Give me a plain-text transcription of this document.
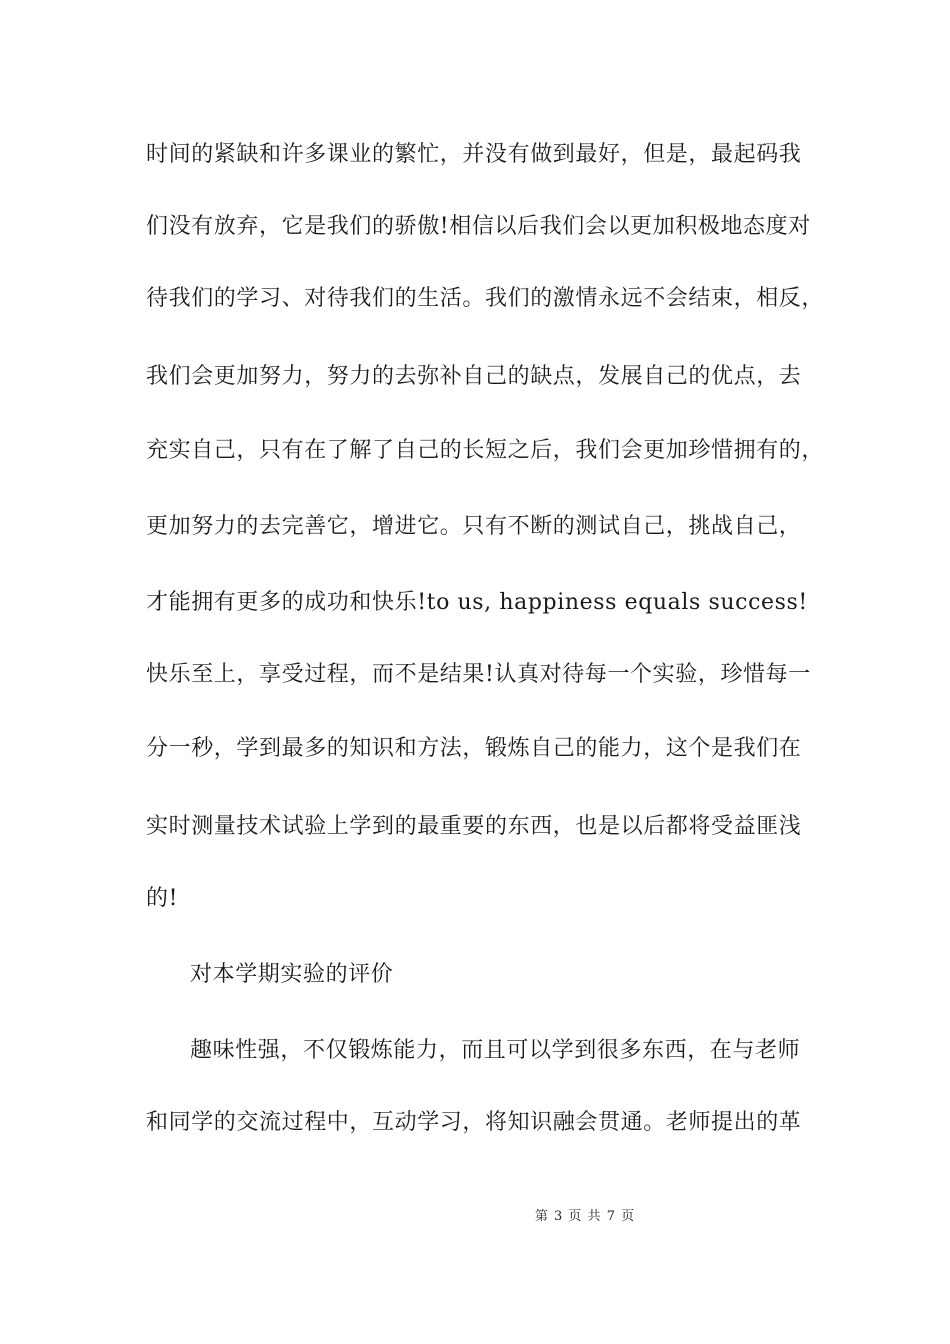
时间的紧缺和许多课业的繁忙，并没有做到最好，但是，最起码我
们没有放弃，它是我们的骄傲!相信以后我们会以更加积极地态度对
待我们的学习、对待我们的生活。我们的激情永远不会结束，相反，
我们会更加努力，努力的去弥补自己的缺点，发展自己的优点，去
充实自己，只有在了解了自己的长短之后，我们会更加珍惜拥有的，
更加努力的去完善它，增进它。只有不断的测试自己，挑战自己，
才能拥有更多的成功和快乐!to us, happiness equals success!
快乐至上，享受过程，而不是结果!认真对待每一个实验，珍惜每一
分一秒，学到最多的知识和方法，锻炼自己的能力，这个是我们在
实时测量技术试验上学到的最重要的东西，也是以后都将受益匪浅
的!
对本学期实验的评价
趣味性强，不仅锻炼能力，而且可以学到很多东西，在与老师
和同学的交流过程中，互动学习，将知识融会贯通。老师提出的革
第 3 页 共 7 页
